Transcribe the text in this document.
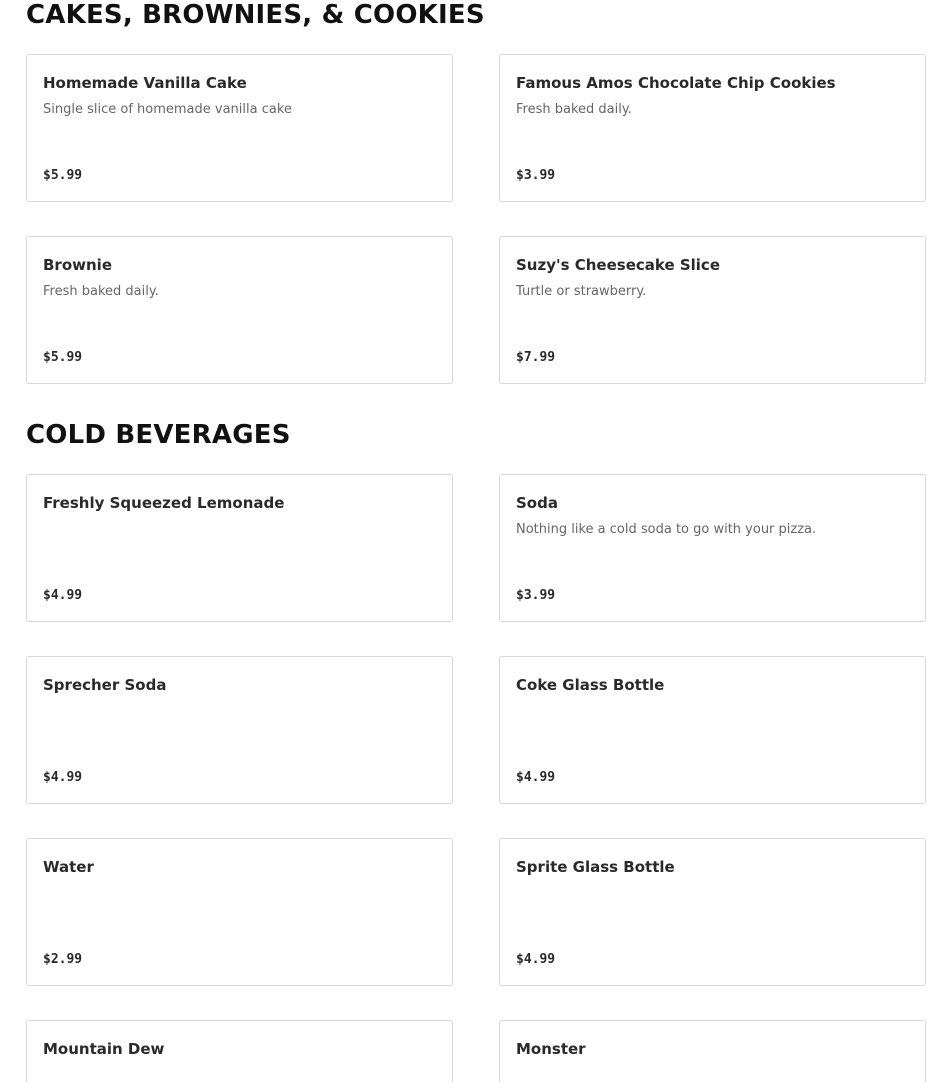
CAKES, BROWNIES, & COOKIES
Homemade Vanilla Cake
Single slice of homemade vanilla cake
$5.99
Famous Amos Chocolate Chip Cookies
Fresh baked daily.
$3.99
Brownie
Fresh baked daily.
$5.99
Suzy's Cheesecake Slice
Turtle or strawberry.
$7.99
COLD BEVERAGES
Freshly Squeezed Lemonade
$4.99
Soda
Nothing like a cold soda to go with your pizza.
$3.99
Sprecher Soda
$4.99
Coke Glass Bottle
$4.99
Water
$2.99
Sprite Glass Bottle
$4.99
Mountain Dew	Monster
